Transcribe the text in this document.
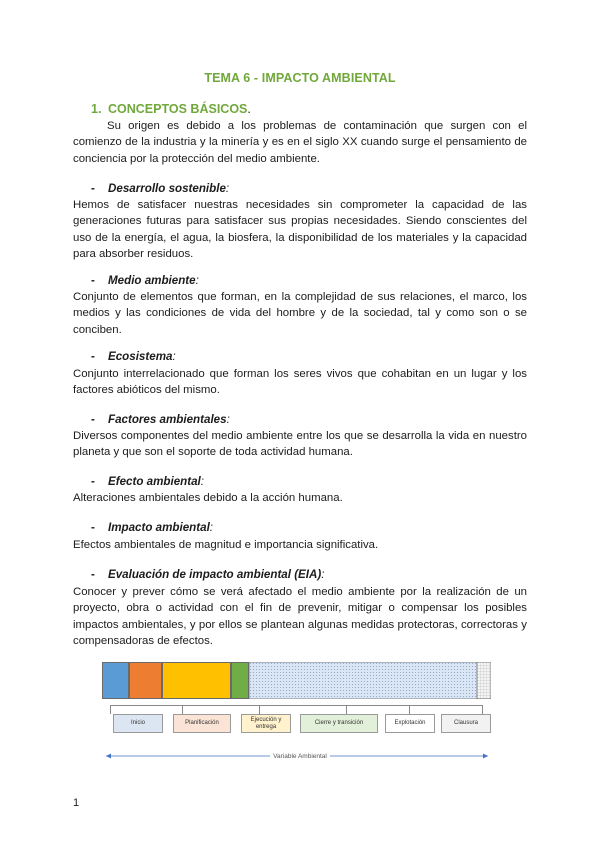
TEMA 6 - IMPACTO AMBIENTAL
1. CONCEPTOS BÁSICOS.

Su origen es debido a los problemas de contaminación que surgen con el comienzo de la industria y la minería y es en el siglo XX cuando surge el pensamiento de conciencia por la protección del medio ambiente.

- Desarrollo sostenible:

Hemos de satisfacer nuestras necesidades sin comprometer la capacidad de las generaciones futuras para satisfacer sus propias necesidades. Siendo conscientes del uso de la energía, el agua, la biosfera, la disponibilidad de los materiales y la capacidad para absorber residuos.

- Medio ambiente:

Conjunto de elementos que forman, en la complejidad de sus relaciones, el marco, los medios y las condiciones de vida del hombre y de la sociedad, tal y como son o se conciben.

- Ecosistema:

Conjunto interrelacionado que forman los seres vivos que cohabitan en un lugar y los factores abióticos del mismo.

- Factores ambientales:

Diversos componentes del medio ambiente entre los que se desarrolla la vida en nuestro planeta y que son el soporte de toda actividad humana.

- Efecto ambiental:

Alteraciones ambientales debido a la acción humana.

- Impacto ambiental:

Efectos ambientales de magnitud e importancia significativa.

- Evaluación de impacto ambiental (EIA):

Conocer y prever cómo se verá afectado el medio ambiente por la realización de un proyecto, obra o actividad con el fin de prevenir, mitigar o compensar los posibles impactos ambientales, y por ellos se plantean algunas medidas protectoras, correctoras y compensadoras de efectos.

Inicio	Planificación
Ejecución y entrega
Cierre y transición	Explotación	Clausura
Variable Ambiental
1
